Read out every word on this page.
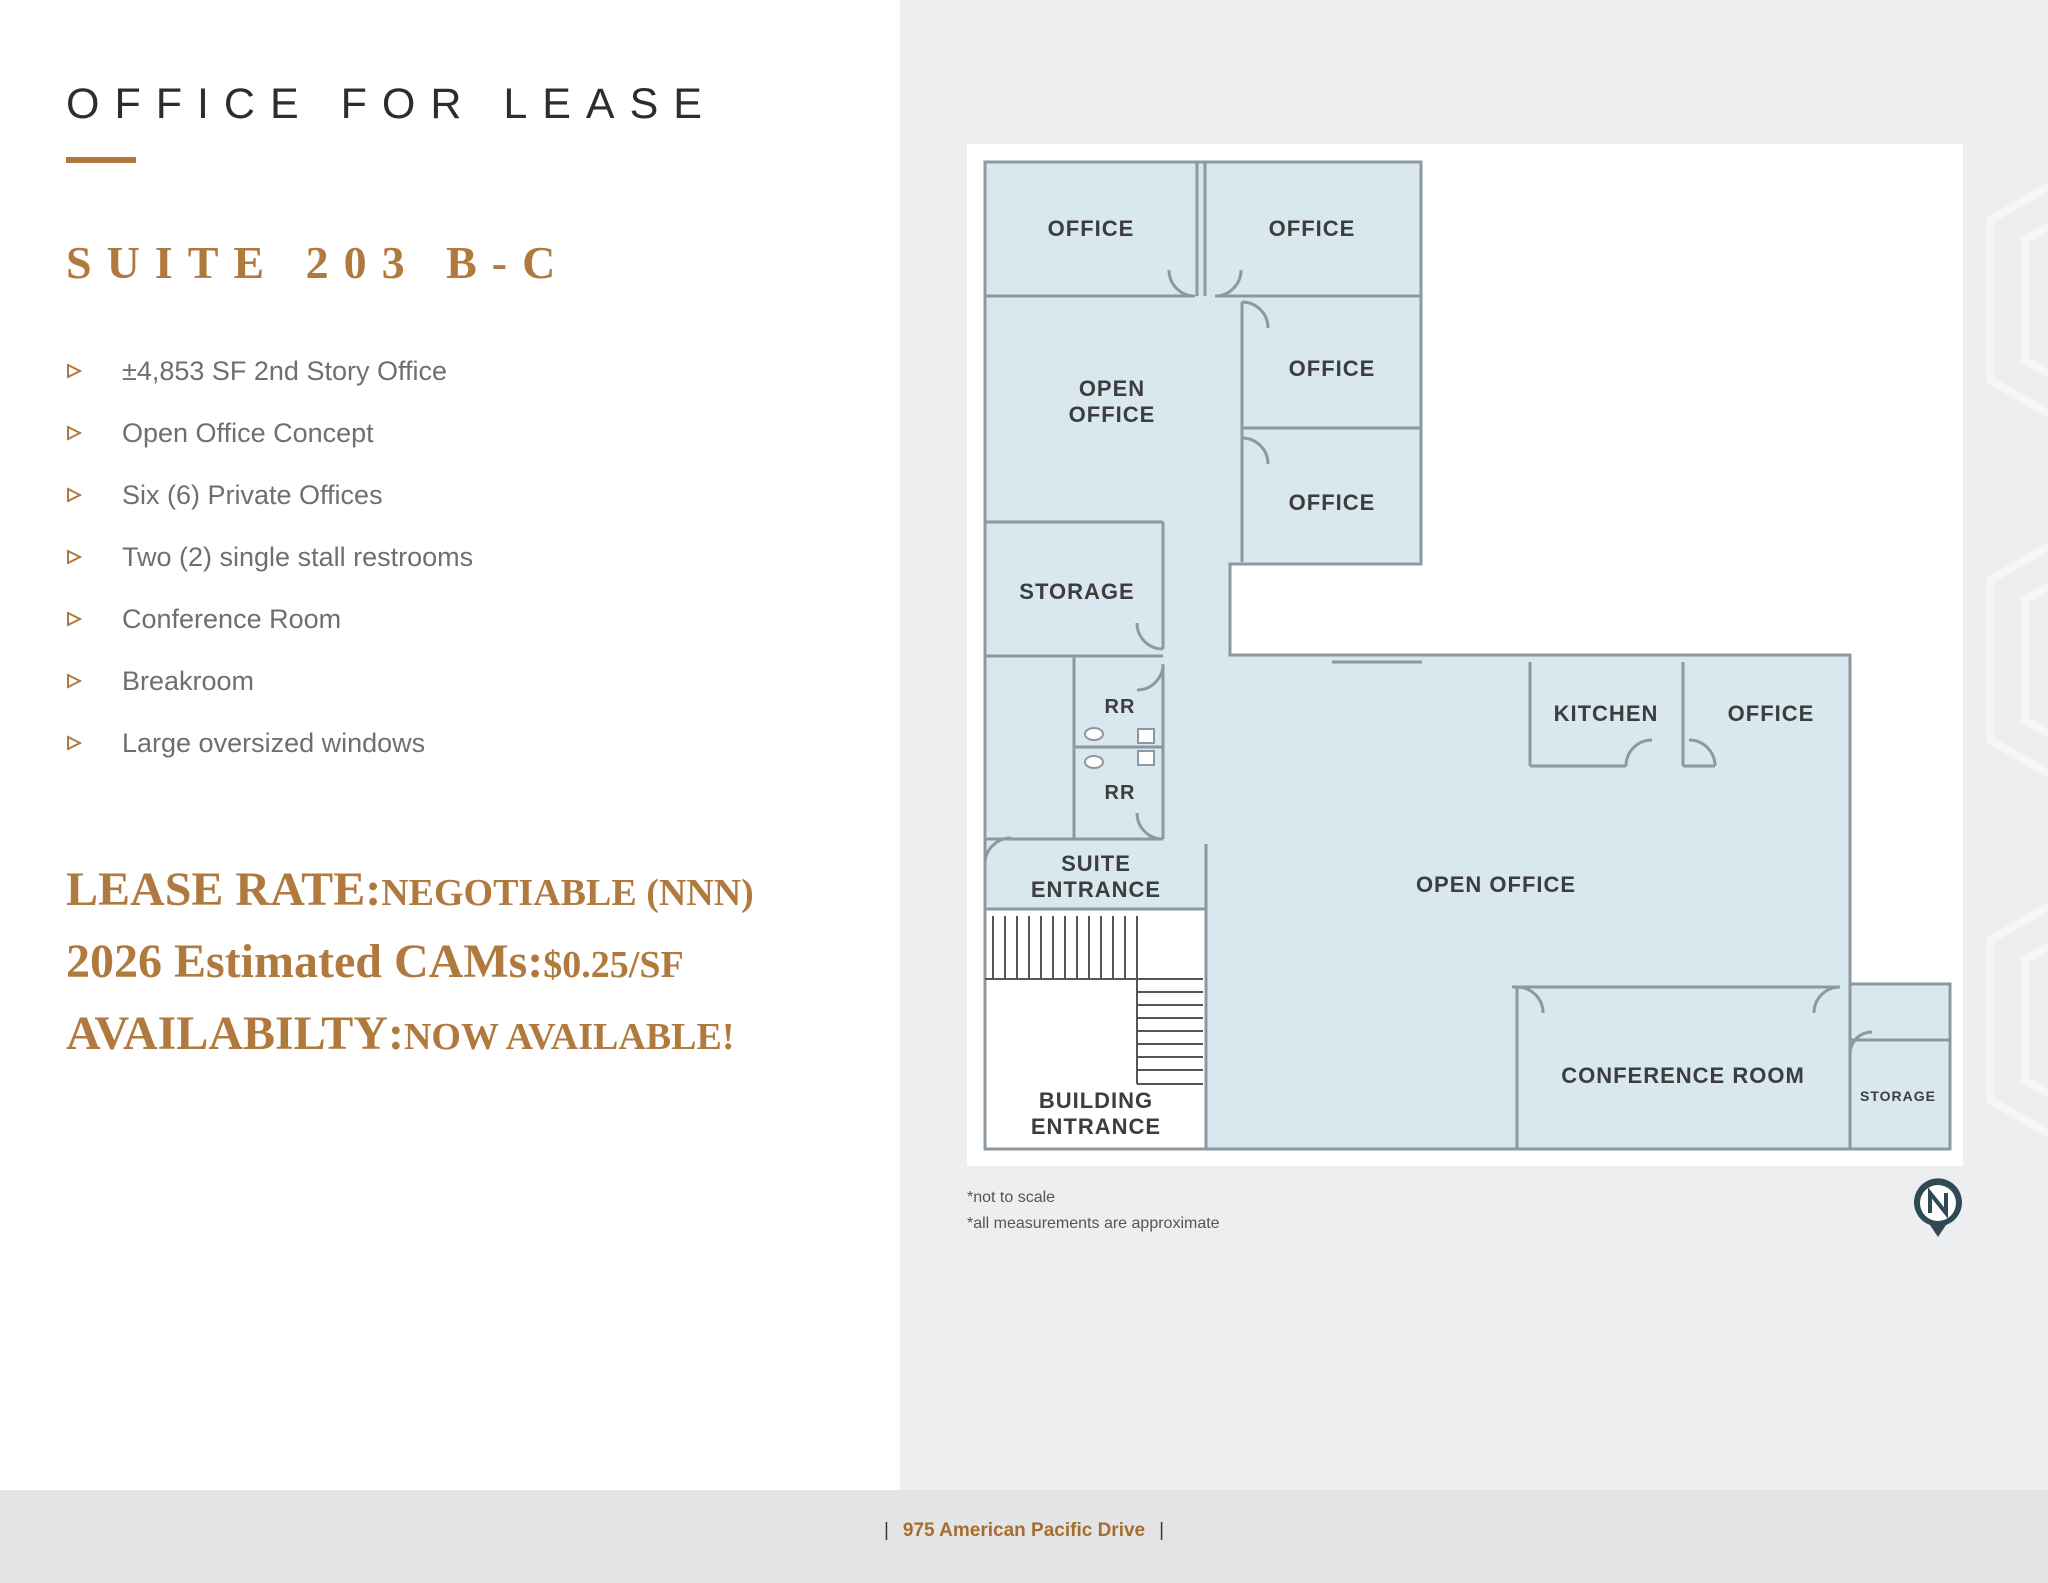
OFFICE FOR LEASE
SUITE 203 B-C
±4,853 SF 2nd Story Office
Open Office Concept
Six (6) Private Offices
Two (2) single stall restrooms
Conference Room
Breakroom
Large oversized windows
LEASE RATE : NEGOTIABLE (NNN)
2026 Estimated CAMs : $0.25/SF
AVAILABILTY : NOW AVAILABLE!
OFFICE	OFFICE
OFFICE
OFFICE
OPEN
OFFICE
STORAGE
RR
RR
SUITE
ENTRANCE
BUILDING
ENTRANCE
KITCHEN	OFFICE
OPEN OFFICE
CONFERENCE ROOM
STORAGE
*not to scale
*all measurements are approximate
| 975 American Pacific Drive |
